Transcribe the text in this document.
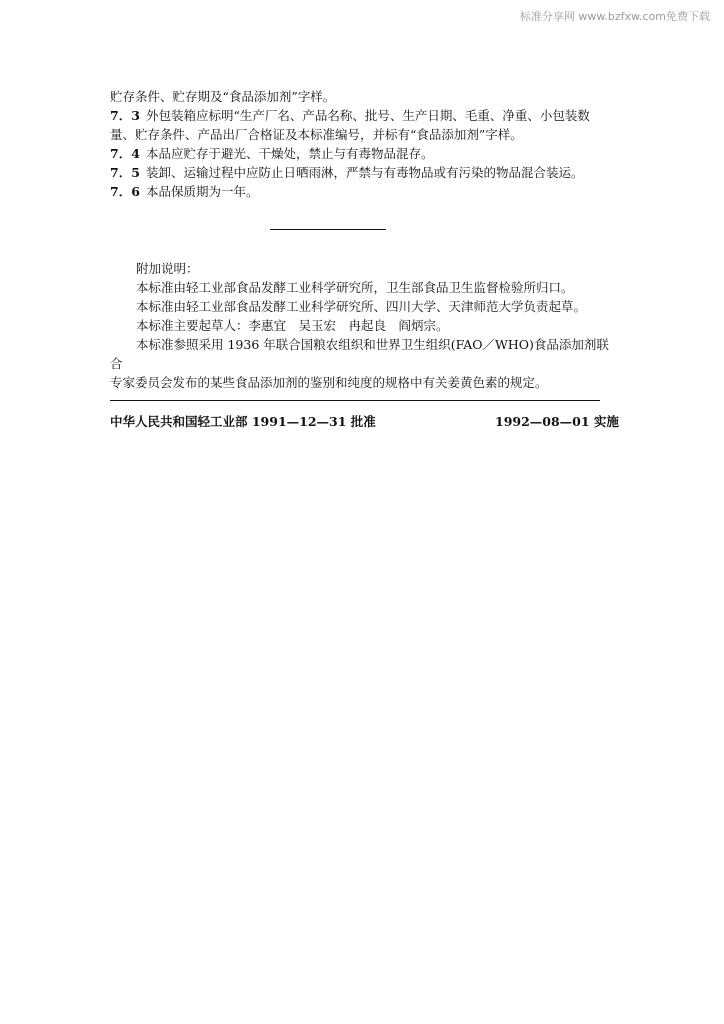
标准分享网 www.bzfxw.com免费下载
贮存条件、贮存期及“食品添加剂”字样。
7．3 外包装箱应标明“生产厂名、产品名称、批号、生产日期、毛重、净重、小包装数
量、贮存条件、产品出厂合格证及本标准编号，并标有“食品添加剂”字样。
7．4 本品应贮存于避光、干燥处，禁止与有毒物品混存。
7．5 装卸、运输过程中应防止日晒雨淋，严禁与有毒物品或有污染的物品混合装运。
7．6 本品保质期为一年。
附加说明：
本标准由轻工业部食品发酵工业科学研究所，卫生部食品卫生监督检验所归口。
本标准由轻工业部食品发酵工业科学研究所、四川大学、天津师范大学负责起草。
本标准主要起草人：李惠宜　吴玉宏　冉起良　阎炳宗。
本标准参照采用 1936 年联合国粮农组织和世界卫生组织(FAO／WHO)食品添加剂联
合
专家委员会发布的某些食品添加剂的鉴别和纯度的规格中有关姜黄色素的规定。
中华人民共和国轻工业部 1991—12—31 批准	1992—08—01 实施
